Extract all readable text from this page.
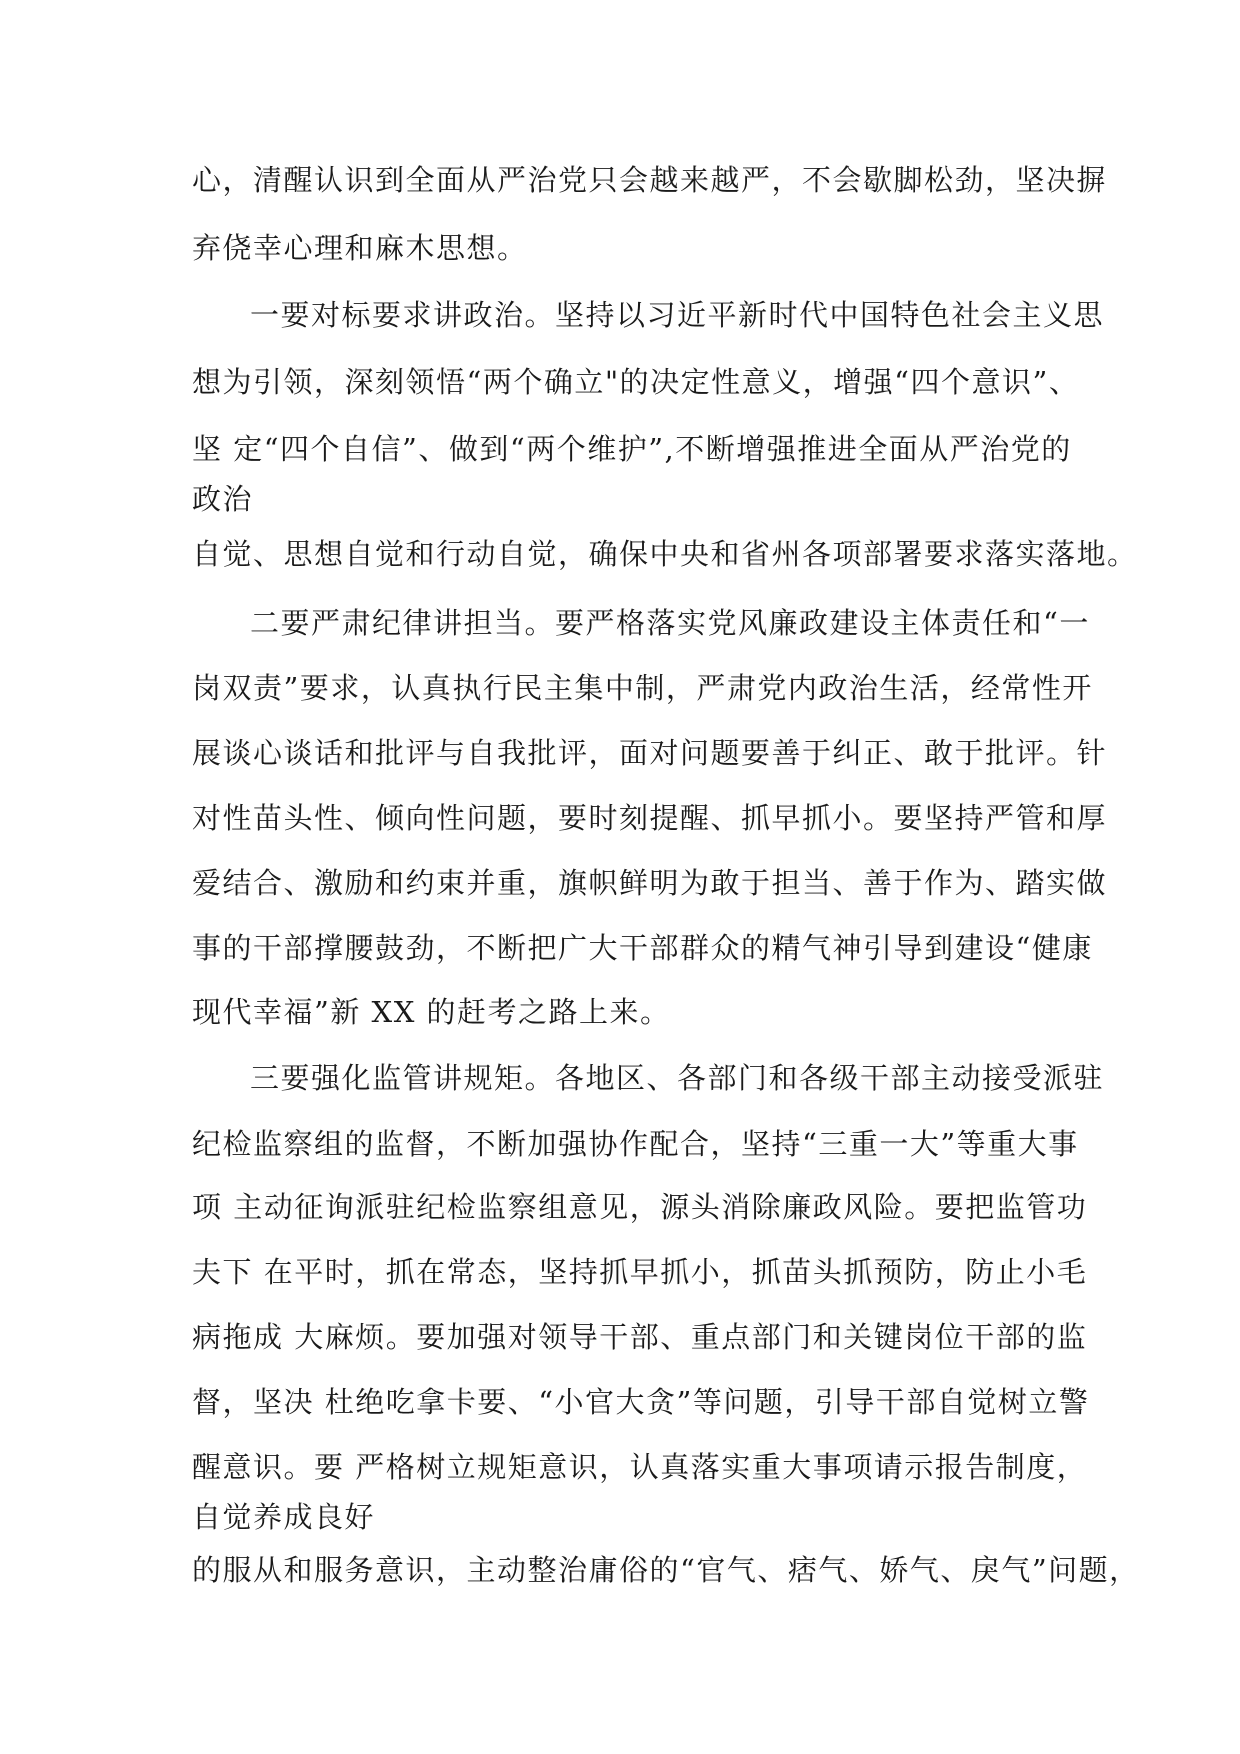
心，清醒认识到全面从严治党只会越来越严，不会歇脚松劲，坚决摒
弃侥幸心理和麻木思想。
一要对标要求讲政治。坚持以习近平新时代中国特色社会主义思
想为引领，深刻领悟“两个确立"的决定性意义，增强“四个意识”、
坚 定“四个自信”、做到“两个维护”,不断增强推进全面从严治党的
政治
自觉、思想自觉和行动自觉，确保中央和省州各项部署要求落实落地。
二要严肃纪律讲担当。要严格落实党风廉政建设主体责任和“一
岗双责”要求，认真执行民主集中制，严肃党内政治生活，经常性开
展谈心谈话和批评与自我批评，面对问题要善于纠正、敢于批评。针
对性苗头性、倾向性问题，要时刻提醒、抓早抓小。要坚持严管和厚
爱结合、激励和约束并重，旗帜鲜明为敢于担当、善于作为、踏实做
事的干部撑腰鼓劲，不断把广大干部群众的精气神引导到建设“健康
现代幸福”新 XX 的赶考之路上来。
三要强化监管讲规矩。各地区、各部门和各级干部主动接受派驻
纪检监察组的监督，不断加强协作配合，坚持“三重一大”等重大事
项 主动征询派驻纪检监察组意见，源头消除廉政风险。要把监管功
夫下 在平时，抓在常态，坚持抓早抓小，抓苗头抓预防，防止小毛
病拖成 大麻烦。要加强对领导干部、重点部门和关键岗位干部的监
督，坚决 杜绝吃拿卡要、“小官大贪”等问题，引导干部自觉树立警
醒意识。要 严格树立规矩意识，认真落实重大事项请示报告制度，
自觉养成良好
的服从和服务意识，主动整治庸俗的“官气、痞气、娇气、戾气”问题，
